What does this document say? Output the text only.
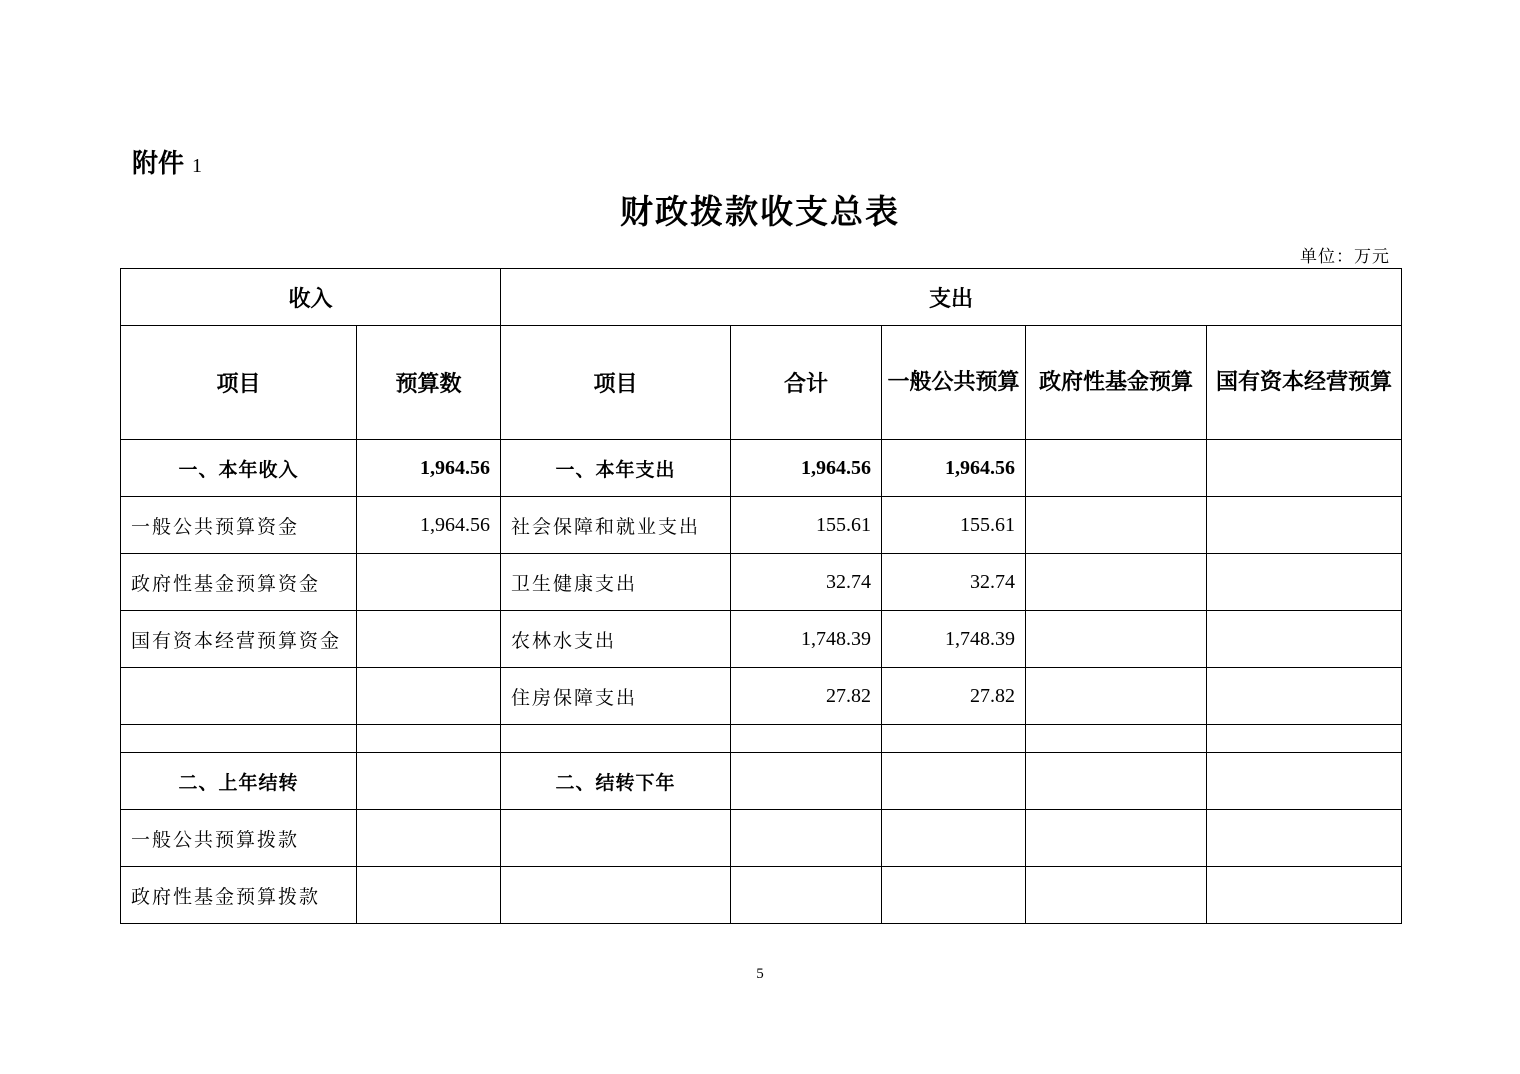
附件 1
财政拨款收支总表
单位：万元
收入		支出				
项目	预算数	项目	合计	一般公共预算	政府性基金预算	国有资本经营预算
一、本年收入	1,964.56	一、本年支出	1,964.56	1,964.56		
一般公共预算资金	1,964.56	社会保障和就业支出	155.61	155.61		
政府性基金预算资金		卫生健康支出	32.74	32.74		
国有资本经营预算资金		农林水支出	1,748.39	1,748.39		
		住房保障支出	27.82	27.82		

二、上年结转		二、结转下年				
一般公共预算拨款						
政府性基金预算拨款						
5
